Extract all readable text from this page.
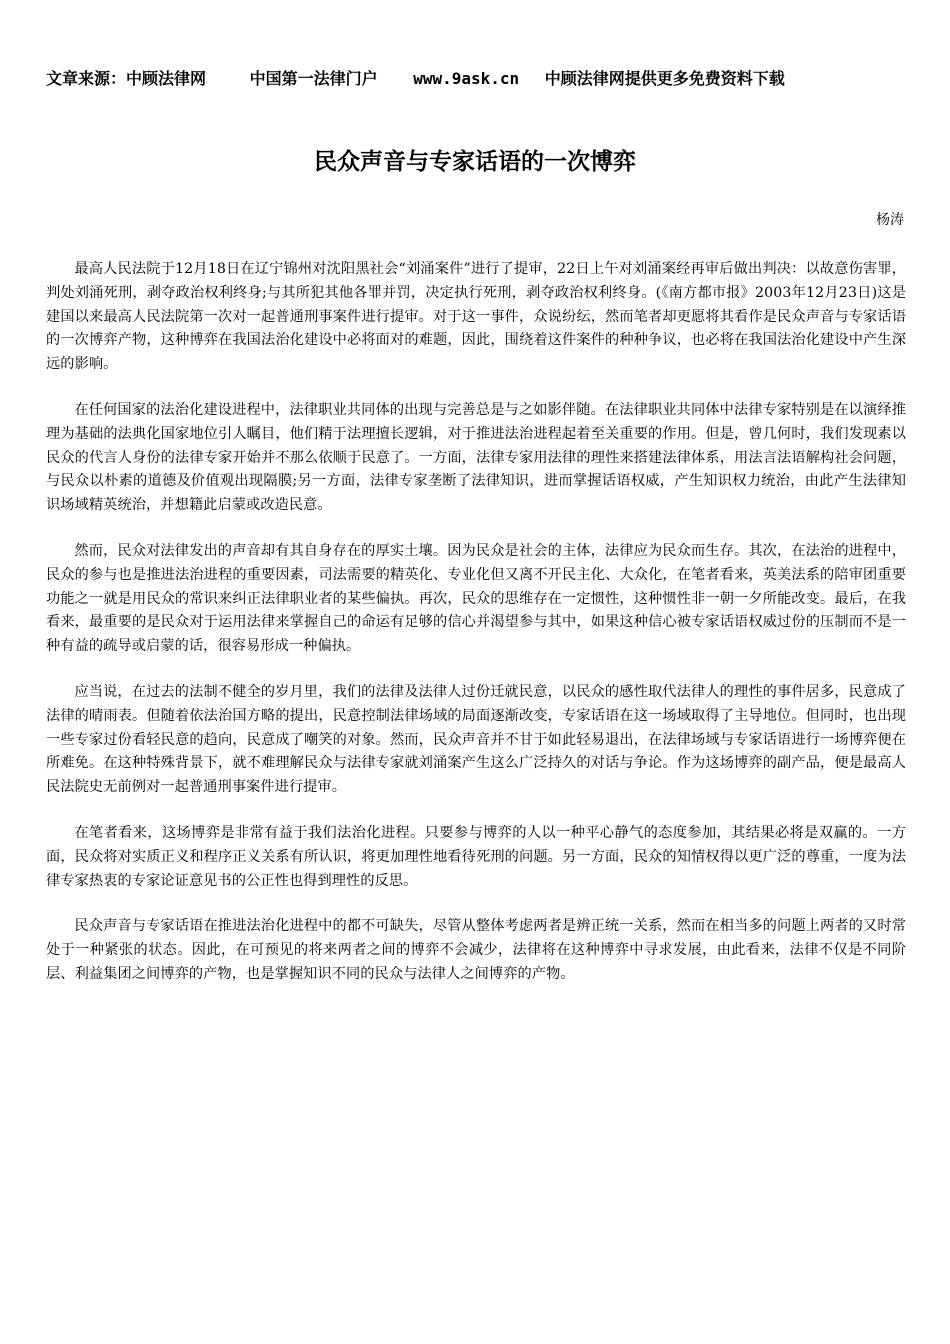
文章来源：中顾法律网	中国第一法律门户 www.9ask.cn 中顾法律网提供更多免费资料下载
民众声音与专家话语的一次博弈
杨涛

最高人民法院于12月18日在辽宁锦州对沈阳黑社会“刘涌案件”进行了提审，22日上午对刘涌案经再审后做出判决：以故意伤害罪，判处刘涌死刑，剥夺政治权利终身;与其所犯其他各罪并罚，决定执行死刑，剥夺政治权利终身。(《南方都市报》2003年12月23日)这是建国以来最高人民法院第一次对一起普通刑事案件进行提审。对于这一事件，众说纷纭，然而笔者却更愿将其看作是民众声音与专家话语的一次博弈产物，这种博弈在我国法治化建设中必将面对的难题，因此，围绕着这件案件的种种争议，也必将在我国法治化建设中产生深远的影响。

在任何国家的法治化建设进程中，法律职业共同体的出现与完善总是与之如影伴随。在法律职业共同体中法律专家特别是在以演绎推理为基础的法典化国家地位引人瞩目，他们精于法理擅长逻辑，对于推进法治进程起着至关重要的作用。但是，曾几何时，我们发现素以民众的代言人身份的法律专家开始并不那么依顺于民意了。一方面，法律专家用法律的理性来搭建法律体系，用法言法语解构社会问题，与民众以朴素的道德及价值观出现隔膜;另一方面，法律专家垄断了法律知识，进而掌握话语权威，产生知识权力统治，由此产生法律知识场域精英统治，并想籍此启蒙或改造民意。

然而，民众对法律发出的声音却有其自身存在的厚实土壤。因为民众是社会的主体，法律应为民众而生存。其次，在法治的进程中，民众的参与也是推进法治进程的重要因素，司法需要的精英化、专业化但又离不开民主化、大众化，在笔者看来，英美法系的陪审团重要功能之一就是用民众的常识来纠正法律职业者的某些偏执。再次，民众的思维存在一定惯性，这种惯性非一朝一夕所能改变。最后，在我看来，最重要的是民众对于运用法律来掌握自己的命运有足够的信心并渴望参与其中，如果这种信心被专家话语权威过份的压制而不是一种有益的疏导或启蒙的话，很容易形成一种偏执。

应当说，在过去的法制不健全的岁月里，我们的法律及法律人过份迁就民意，以民众的感性取代法律人的理性的事件居多，民意成了法律的晴雨表。但随着依法治国方略的提出，民意控制法律场域的局面逐渐改变，专家话语在这一场域取得了主导地位。但同时，也出现一些专家过份看轻民意的趋向，民意成了嘲笑的对象。然而，民众声音并不甘于如此轻易退出，在法律场域与专家话语进行一场博弈便在所难免。在这种特殊背景下，就不难理解民众与法律专家就刘涌案产生这么广泛持久的对话与争论。作为这场博弈的副产品，便是最高人民法院史无前例对一起普通刑事案件进行提审。

在笔者看来，这场博弈是非常有益于我们法治化进程。只要参与博弈的人以一种平心静气的态度参加，其结果必将是双赢的。一方面，民众将对实质正义和程序正义关系有所认识，将更加理性地看待死刑的问题。另一方面，民众的知情权得以更广泛的尊重，一度为法律专家热衷的专家论证意见书的公正性也得到理性的反思。

民众声音与专家话语在推进法治化进程中的都不可缺失，尽管从整体考虑两者是辨正统一关系，然而在相当多的问题上两者的又时常处于一种紧张的状态。因此，在可预见的将来两者之间的博弈不会减少，法律将在这种博弈中寻求发展，由此看来，法律不仅是不同阶层、利益集团之间博弈的产物，也是掌握知识不同的民众与法律人之间博弈的产物。
